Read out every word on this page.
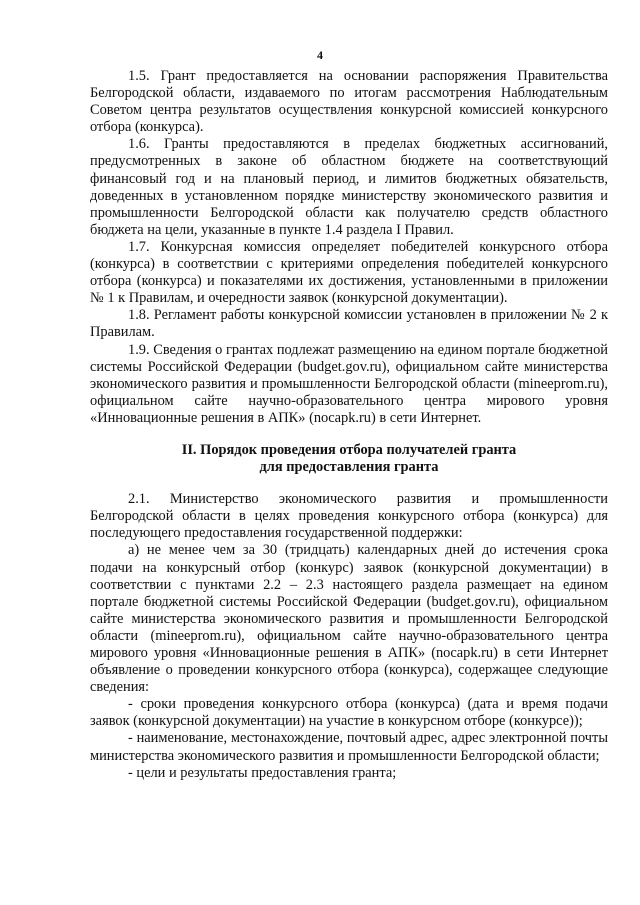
4

1.5. Грант предоставляется на основании распоряжения Правительства Белгородской области, издаваемого по итогам рассмотрения Наблюдательным Советом центра результатов осуществления конкурсной комиссией конкурсного отбора (конкурса).

1.6. Гранты предоставляются в пределах бюджетных ассигнований, предусмотренных в законе об областном бюджете на соответствующий финансовый год и на плановый период, и лимитов бюджетных обязательств, доведенных в установленном порядке министерству экономического развития и промышленности Белгородской области как получателю средств областного бюджета на цели, указанные в пункте 1.4 раздела I Правил.

1.7. Конкурсная комиссия определяет победителей конкурсного отбора (конкурса) в соответствии с критериями определения победителей конкурсного отбора (конкурса) и показателями их достижения, установленными в приложении № 1 к Правилам, и очередности заявок (конкурсной документации).

1.8. Регламент работы конкурсной комиссии установлен в приложении № 2 к Правилам.

1.9. Сведения о грантах подлежат размещению на едином портале бюджетной системы Российской Федерации (budget.gov.ru), официальном сайте министерства экономического развития и промышленности Белгородской области (mineeprom.ru), официальном сайте научно-образовательного центра мирового уровня «Инновационные решения в АПК» (nocapk.ru) в сети Интернет.

II. Порядок проведения отбора получателей гранта

для предоставления гранта

2.1. Министерство экономического развития и промышленности Белгородской области в целях проведения конкурсного отбора (конкурса) для последующего предоставления государственной поддержки:

а) не менее чем за 30 (тридцать) календарных дней до истечения срока подачи на конкурсный отбор (конкурс) заявок (конкурсной документации) в соответствии с пунктами 2.2 – 2.3 настоящего раздела размещает на едином портале бюджетной системы Российской Федерации (budget.gov.ru), официальном сайте министерства экономического развития и промышленности Белгородской области (mineeprom.ru), официальном сайте научно-образовательного центра мирового уровня «Инновационные решения в АПК» (nocapk.ru) в сети Интернет объявление о проведении конкурсного отбора (конкурса), содержащее следующие сведения:

- сроки проведения конкурсного отбора (конкурса) (дата и время подачи заявок (конкурсной документации) на участие в конкурсном отборе (конкурсе));

- наименование, местонахождение, почтовый адрес, адрес электронной почты министерства экономического развития и промышленности Белгородской области;

- цели и результаты предоставления гранта;
